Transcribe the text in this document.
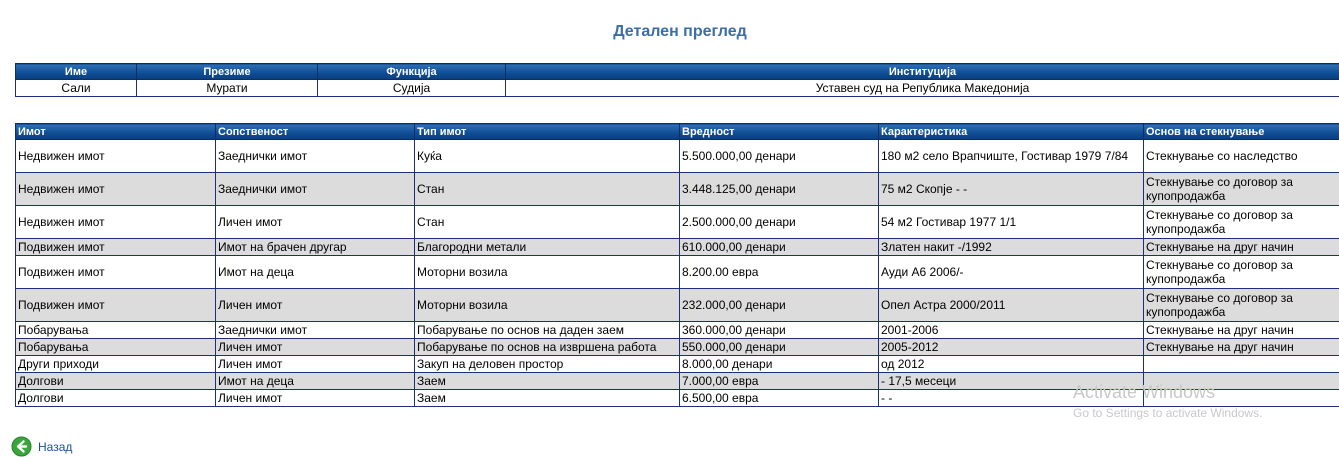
Детален преглед
Име	Презиме	Функција	Институција
Сали	Мурати	Судија	Уставен суд на Република Македонија
Имот	Сопственост	Тип имот	Вредност	Карактеристика	Основ на стекнување
Недвижен имот	Заеднички имот	Куќа	5.500.000,00 денари	180 м2 село Врапчиште, Гостивар 1979 7/84	Стекнување со наследство
Недвижен имот	Заеднички имот	Стан	3.448.125,00 денари	75 м2 Скопје - -	Стекнување со договор за купопродажба
Недвижен имот	Личен имот	Стан	2.500.000,00 денари	54 м2 Гостивар 1977 1/1	Стекнување со договор за купопродажба
Подвижен имот	Имот на брачен другар	Благородни метали	610.000,00 денари	Златен накит -/1992	Стекнување на друг начин
Подвижен имот	Имот на деца	Моторни возила	8.200.00 евра	Ауди А6 2006/-	Стекнување со договор за купопродажба
Подвижен имот	Личен имот	Моторни возила	232.000,00 денари	Опел Астра 2000/2011	Стекнување со договор за купопродажба
Побарувања	Заеднички имот	Побарување по основ на даден заем	360.000,00 денари	2001-2006	Стекнување на друг начин
Побарувања	Личен имот	Побарување по основ на извршена работа	550.000,00 денари	2005-2012	Стекнување на друг начин
Други приходи	Личен имот	Закуп на деловен простор	8.000,00 денари	од 2012	
Долгови	Имот на деца	Заем	7.000,00 евра	- 17,5 месеци	
Долгови	Личен имот	Заем	6.500,00 евра	- -		Activate Windows
Go to Settings to activate Windows.
Назад
